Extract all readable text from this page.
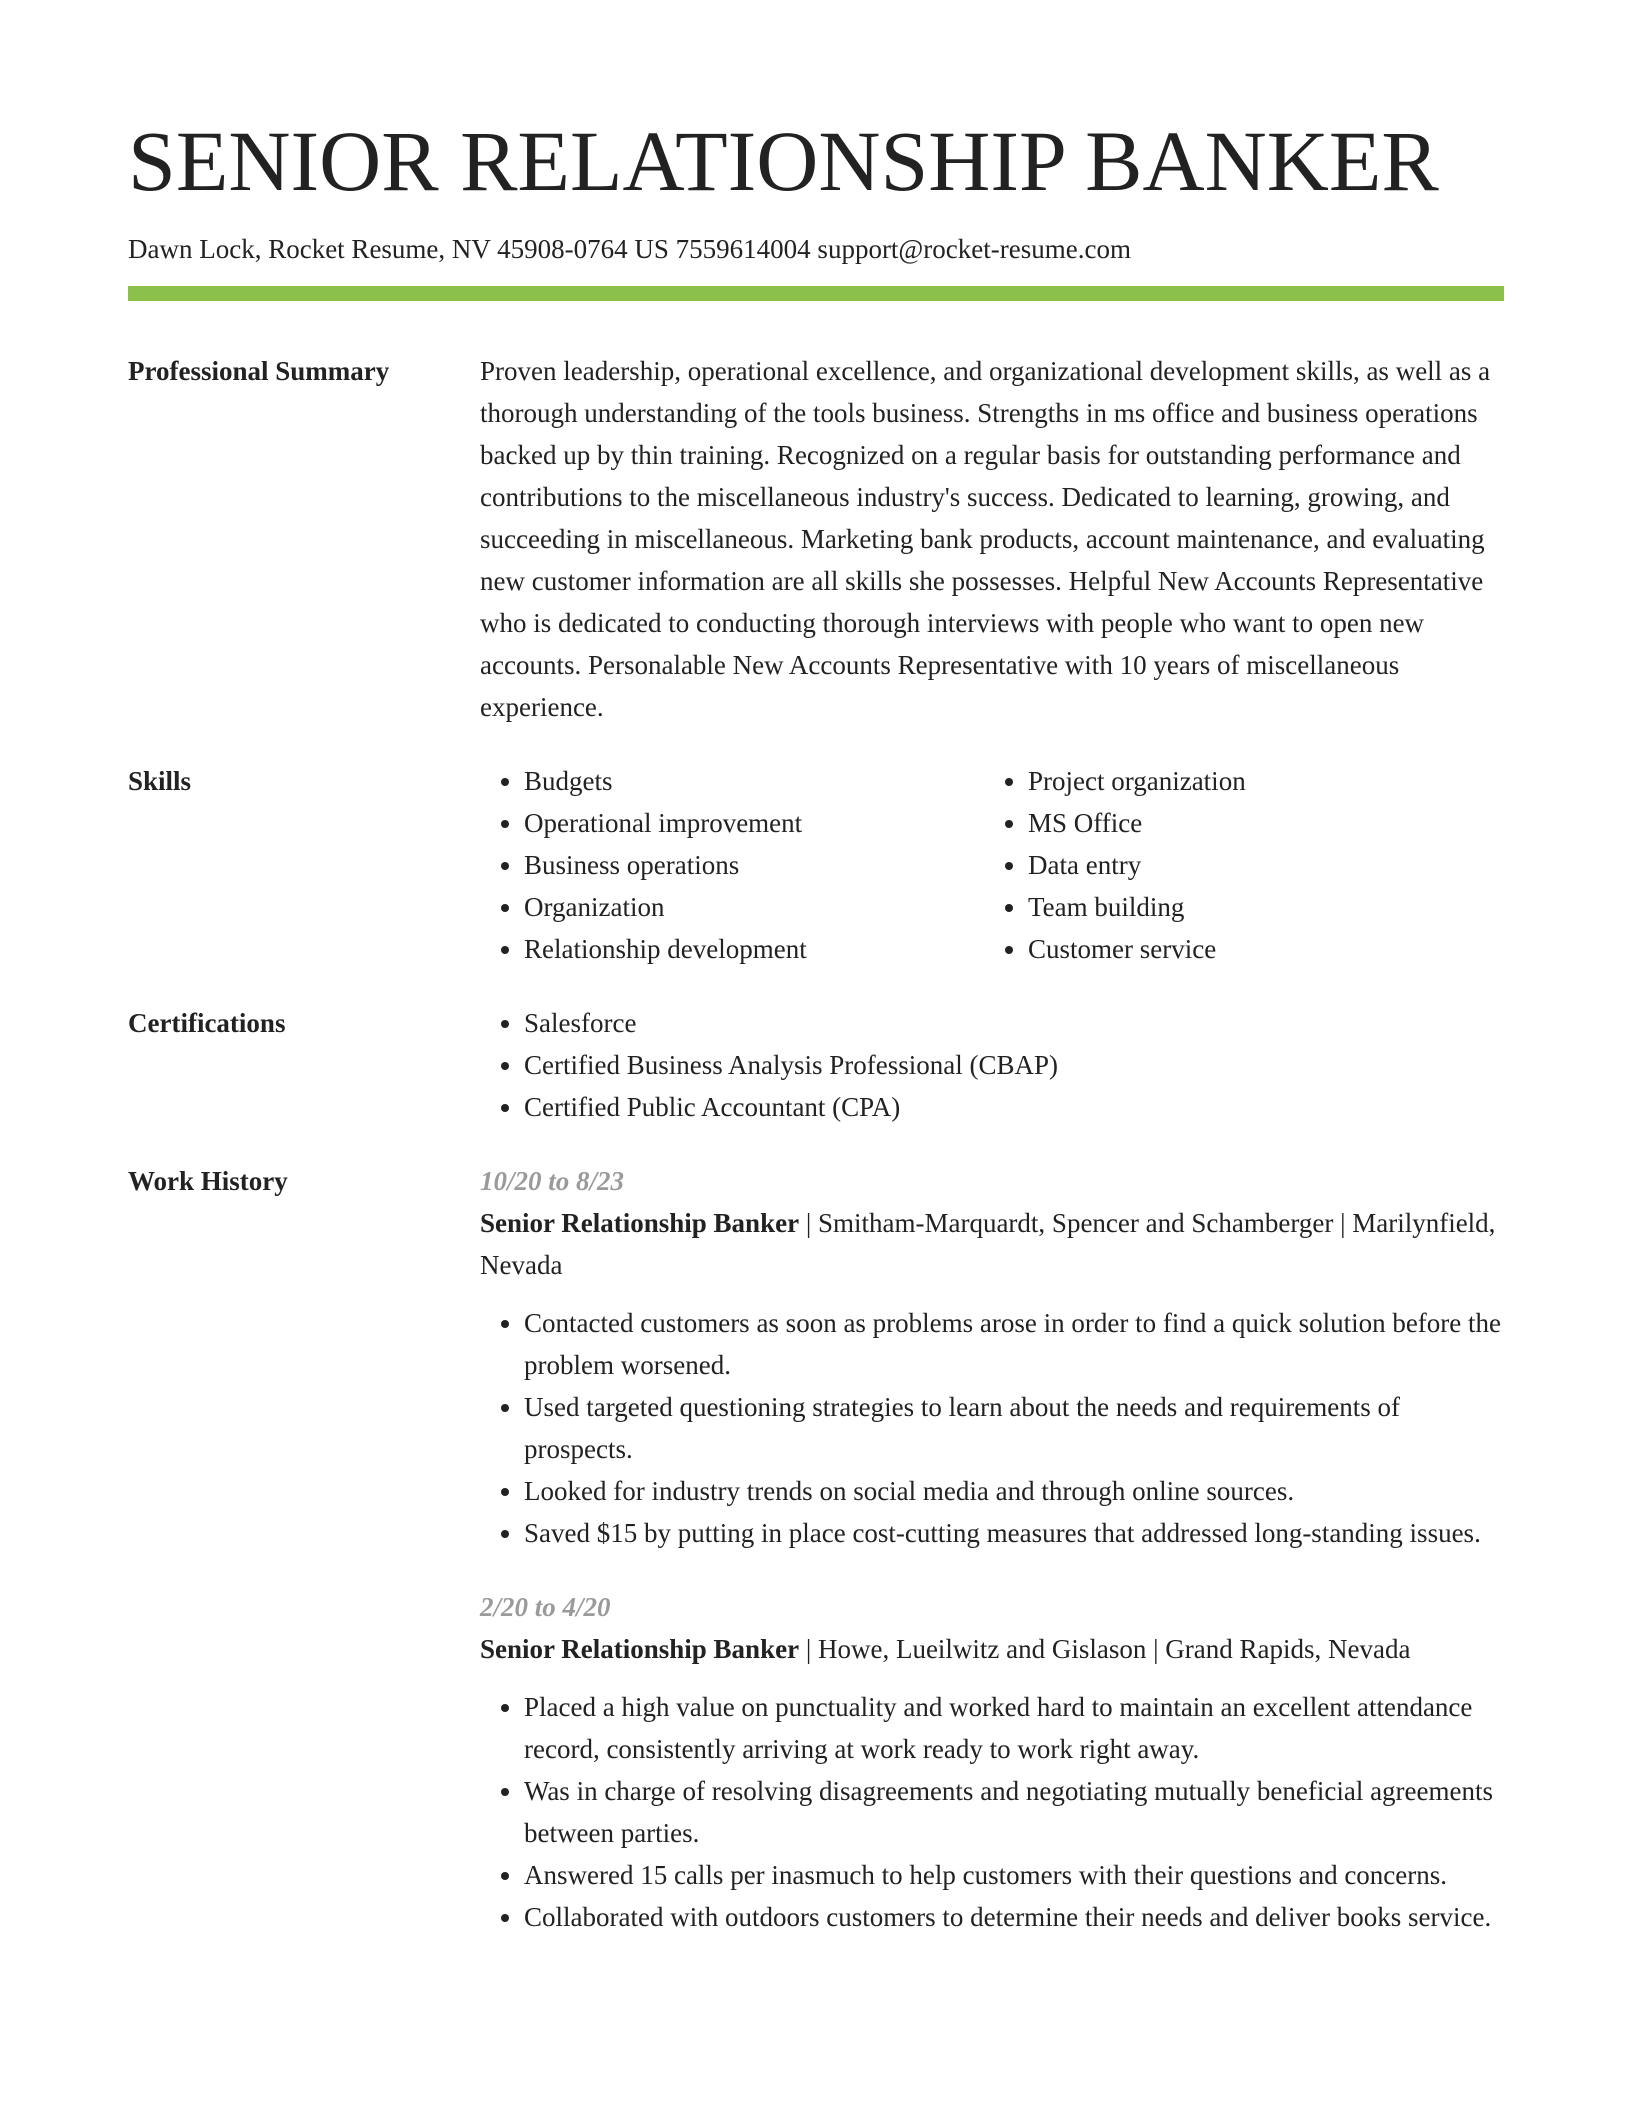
SENIOR RELATIONSHIP BANKER
Dawn Lock, Rocket Resume, NV 45908-0764 US 7559614004 support@rocket-resume.com
Professional Summary	Proven leadership, operational excellence, and organizational development skills, as well as a thorough understanding of the tools business. Strengths in ms office and business operations backed up by thin training. Recognized on a regular basis for outstanding performance and contributions to the miscellaneous industry's success. Dedicated to learning, growing, and succeeding in miscellaneous. Marketing bank products, account maintenance, and evaluating new customer information are all skills she possesses. Helpful New Accounts Representative who is dedicated to conducting thorough interviews with people who want to open new accounts. Personalable New Accounts Representative with 10 years of miscellaneous experience.

Skills	• Budgets
• Operational improvement
• Business operations
• Organization
• Relationship development
• Project organization
• MS Office
• Data entry
• Team building
• Customer service
Certifications	• Salesforce
• Certified Business Analysis Professional (CBAP)
• Certified Public Accountant (CPA)
Work History	10/20 to 8/23
Senior Relationship Banker | Smitham-Marquardt, Spencer and Schamberger | Marilynfield, Nevada
• Contacted customers as soon as problems arose in order to find a quick solution before the problem worsened.
• Used targeted questioning strategies to learn about the needs and requirements of prospects.
• Looked for industry trends on social media and through online sources.
• Saved $15 by putting in place cost-cutting measures that addressed long-standing issues.
2/20 to 4/20
Senior Relationship Banker | Howe, Lueilwitz and Gislason | Grand Rapids, Nevada
• Placed a high value on punctuality and worked hard to maintain an excellent attendance record, consistently arriving at work ready to work right away.
• Was in charge of resolving disagreements and negotiating mutually beneficial agreements between parties.
• Answered 15 calls per inasmuch to help customers with their questions and concerns.
• Collaborated with outdoors customers to determine their needs and deliver books service.
